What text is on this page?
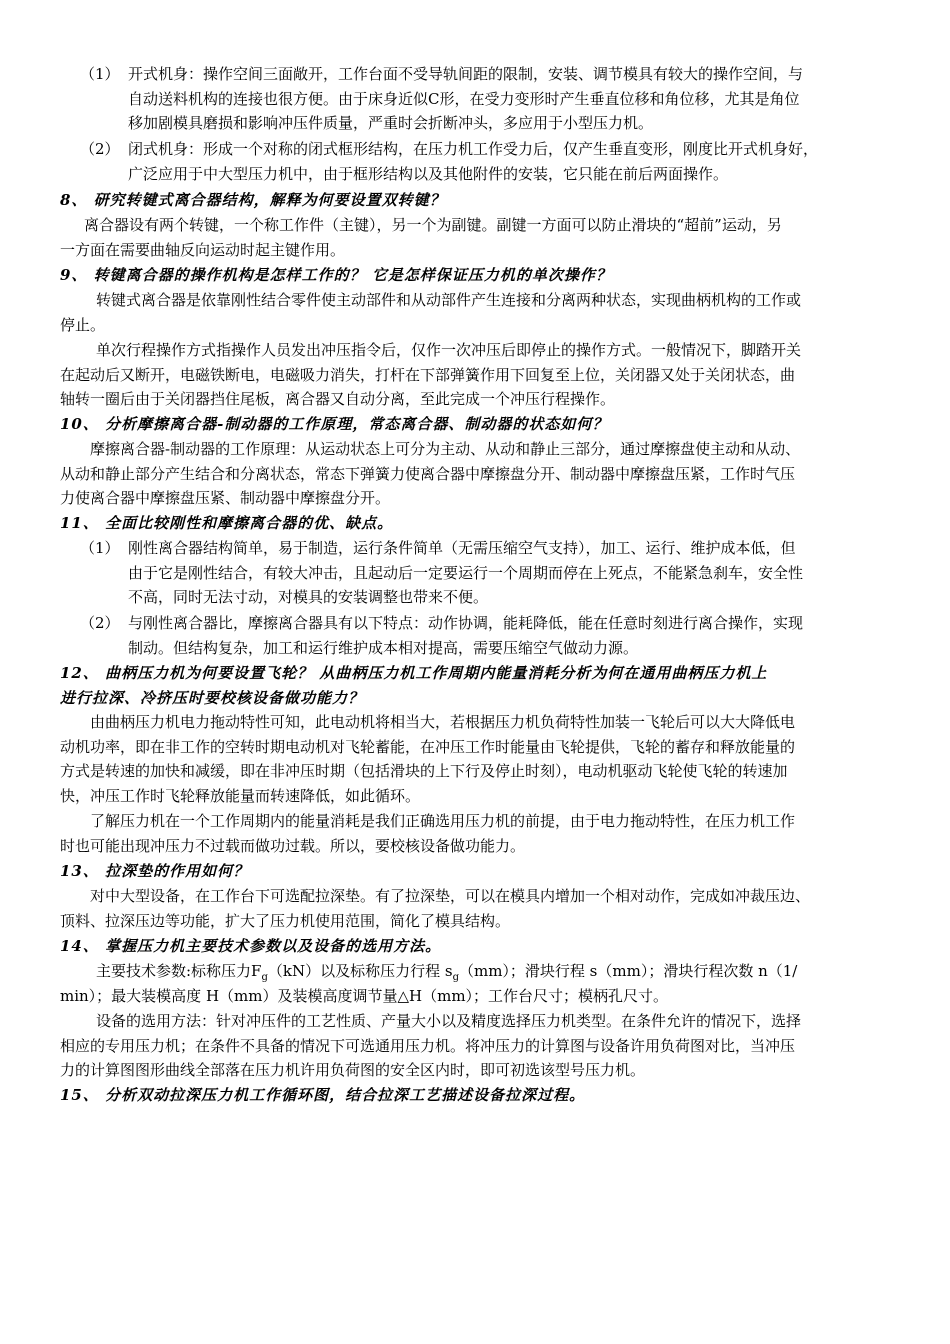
（1） 开式机身：操作空间三面敞开，工作台面不受导轨间距的限制，安装、调节模具有较大的操作空间，与
自动送料机构的连接也很方便。由于床身近似C形，在受力变形时产生垂直位移和角位移，尤其是角位
移加剧模具磨损和影响冲压件质量，严重时会折断冲头，多应用于小型压力机。
（2） 闭式机身：形成一个对称的闭式框形结构，在压力机工作受力后，仅产生垂直变形，刚度比开式机身好，
广泛应用于中大型压力机中，由于框形结构以及其他附件的安装，它只能在前后两面操作。
8、 研究转键式离合器结构，解释为何要设置双转键？
离合器设有两个转键，一个称工作件（主键），另一个为副键。副键一方面可以防止滑块的“超前”运动，另
一方面在需要曲轴反向运动时起主键作用。
9、 转键离合器的操作机构是怎样工作的？ 它是怎样保证压力机的单次操作？
转键式离合器是依靠刚性结合零件使主动部件和从动部件产生连接和分离两种状态，实现曲柄机构的工作或
停止。
单次行程操作方式指操作人员发出冲压指令后，仅作一次冲压后即停止的操作方式。一般情况下，脚踏开关
在起动后又断开，电磁铁断电，电磁吸力消失，打杆在下部弹簧作用下回复至上位，关闭器又处于关闭状态，曲
轴转一圈后由于关闭器挡住尾板，离合器又自动分离，至此完成一个冲压行程操作。
10、 分析摩擦离合器-制动器的工作原理，常态离合器、制动器的状态如何？
摩擦离合器-制动器的工作原理：从运动状态上可分为主动、从动和静止三部分，通过摩擦盘使主动和从动、
从动和静止部分产生结合和分离状态，常态下弹簧力使离合器中摩擦盘分开、制动器中摩擦盘压紧，工作时气压
力使离合器中摩擦盘压紧、制动器中摩擦盘分开。
11、 全面比较刚性和摩擦离合器的优、缺点。
（1） 刚性离合器结构简单，易于制造，运行条件简单（无需压缩空气支持），加工、运行、维护成本低，但
由于它是刚性结合，有较大冲击，且起动后一定要运行一个周期而停在上死点，不能紧急刹车，安全性
不高，同时无法寸动，对模具的安装调整也带来不便。
（2） 与刚性离合器比，摩擦离合器具有以下特点：动作协调，能耗降低，能在任意时刻进行离合操作，实现
制动。但结构复杂，加工和运行维护成本相对提高，需要压缩空气做动力源。
12、 曲柄压力机为何要设置飞轮？ 从曲柄压力机工作周期内能量消耗分析为何在通用曲柄压力机上
进行拉深、冷挤压时要校核设备做功能力？
由曲柄压力机电力拖动特性可知，此电动机将相当大，若根据压力机负荷特性加装一飞轮后可以大大降低电
动机功率，即在非工作的空转时期电动机对飞轮蓄能，在冲压工作时能量由飞轮提供，飞轮的蓄存和释放能量的
方式是转速的加快和减缓，即在非冲压时期（包括滑块的上下行及停止时刻），电动机驱动飞轮使飞轮的转速加
快，冲压工作时飞轮释放能量而转速降低，如此循环。
了解压力机在一个工作周期内的能量消耗是我们正确选用压力机的前提，由于电力拖动特性，在压力机工作
时也可能出现冲压力不过载而做功过载。所以，要校核设备做功能力。
13、 拉深垫的作用如何？
对中大型设备，在工作台下可选配拉深垫。有了拉深垫，可以在模具内增加一个相对动作，完成如冲裁压边、
顶料、拉深压边等功能，扩大了压力机使用范围，简化了模具结构。
14、 掌握压力机主要技术参数以及设备的选用方法。
主要技术参数:标称压力$F_g(kN)$以及标称压力行程 $s_g(mm)$；滑块行程 s（mm）；滑块行程次数 n（1/
min）；最大装模高度 H（mm）及装模高度调节量△H（mm）；工作台尺寸；模柄孔尺寸。
设备的选用方法：针对冲压件的工艺性质、产量大小以及精度选择压力机类型。在条件允许的情况下，选择
相应的专用压力机；在条件不具备的情况下可选通用压力机。将冲压力的计算图与设备许用负荷图对比，当冲压
力的计算图图形曲线全部落在压力机许用负荷图的安全区内时，即可初选该型号压力机。
15、 分析双动拉深压力机工作循环图，结合拉深工艺描述设备拉深过程。
